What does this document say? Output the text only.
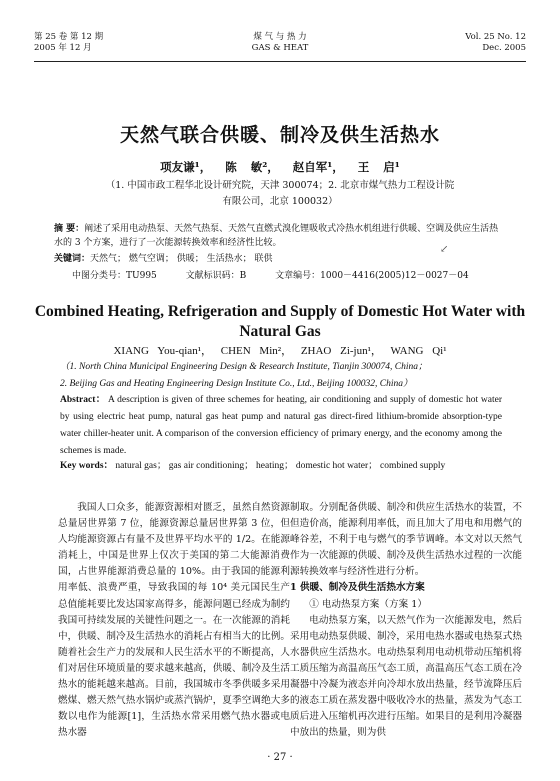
第 25 卷 第 12 期
2005 年 12 月
煤 气 与 热 力
GAS & HEAT
Vol. 25 No. 12
Dec. 2005
天然气联合供暖、制冷及供生活热水
项友谦¹， 陈 敏²， 赵自军¹， 王 启¹
（1. 中国市政工程华北设计研究院，天津 300074；2. 北京市煤气热力工程设计院
有限公司，北京 100032）
摘 要：阐述了采用电动热泵、天然气热泵、天然气直燃式溴化锂吸收式冷热水机组进行供暖、空调及供应生活热水的 3 个方案，进行了一次能源转换效率和经济性比较。
↙
关键词：天然气； 燃气空调； 供暖； 生活热水； 联供
中图分类号：TU995	文献标识码：B	文章编号：1000－4416(2005)12－0027－04
Combined Heating, Refrigeration and Supply of Domestic Hot Water with Natural Gas
XIANG You-qian¹， CHEN Min²， ZHAO Zi-jun¹， WANG Qi¹
（1. North China Municipal Engineering Design & Research Institute, Tianjin 300074, China；
2. Beijing Gas and Heating Engineering Design Institute Co., Ltd., Beijing 100032, China）
Abstract： A description is given of three schemes for heating, air conditioning and supply of domestic hot water by using electric heat pump, natural gas heat pump and natural gas direct-fired lithium-bromide absorption-type water chiller-heater unit. A comparison of the conversion efficiency of primary energy, and the economy among the schemes is made.
Key words： natural gas； gas air conditioning； heating； domestic hot water； combined supply

我国人口众多，能源资源相对匮乏，虽然自然资源总量居世界第 7 位，能源资源总量居世界第 3 位，但人均能源资源占有量不及世界平均水平的 1/2。在能源消耗上，中国是世界上仅次于美国的第二大能源消费国，占世界能源消费总量的 10%。由于我国的能源利用率低、浪费严重，导致我国的每 10⁴ 美元国民生产总值能耗要比发达国家高得多，能源问题已经成为制约我国可持续发展的关键性问题之一。在一次能源的消耗中，供暖、制冷及生活热水的消耗占有相当大的比例。随着社会生产力的发展和人民生活水平的不断提高，人们对居住环境质量的要求越来越高，供暖、制冷及生活热水的能耗越来越高。目前，我国城市冬季供暖多采用燃煤、燃天然气热水锅炉或蒸汽锅炉，夏季空调绝大多数以电作为能源[1]，生活热水常采用燃气热水器或电热水器

制取。分别配备供暖、制冷和供应生活热水的装置，不但造价高，能源利用率低，而且加大了用电和用燃气的峰谷差，不利于电与燃气的季节调峰。本文对以天然气作为一次能源的供暖、制冷及供生活热水过程的一次能源转换效率与经济性进行分析。

1 供暖、制冷及供生活热水方案

① 电动热泵方案（方案 1）

电动热泵方案，以天然气作为一次能源发电，然后采用电动热泵供暖、制冷，采用电热水器或电热泵式热水器供应生活热水。电动热泵利用电动机带动压缩机将工质压缩为高温高压气态工质，高温高压气态工质在冷凝器中冷凝为液态并向冷却水放出热量，经节流降压后的液态工质在蒸发器中吸收冷水的热量，蒸发为气态工质后进入压缩机再次进行压缩。如果目的是利用冷凝器中放出的热量，则为供

· 27 ·
